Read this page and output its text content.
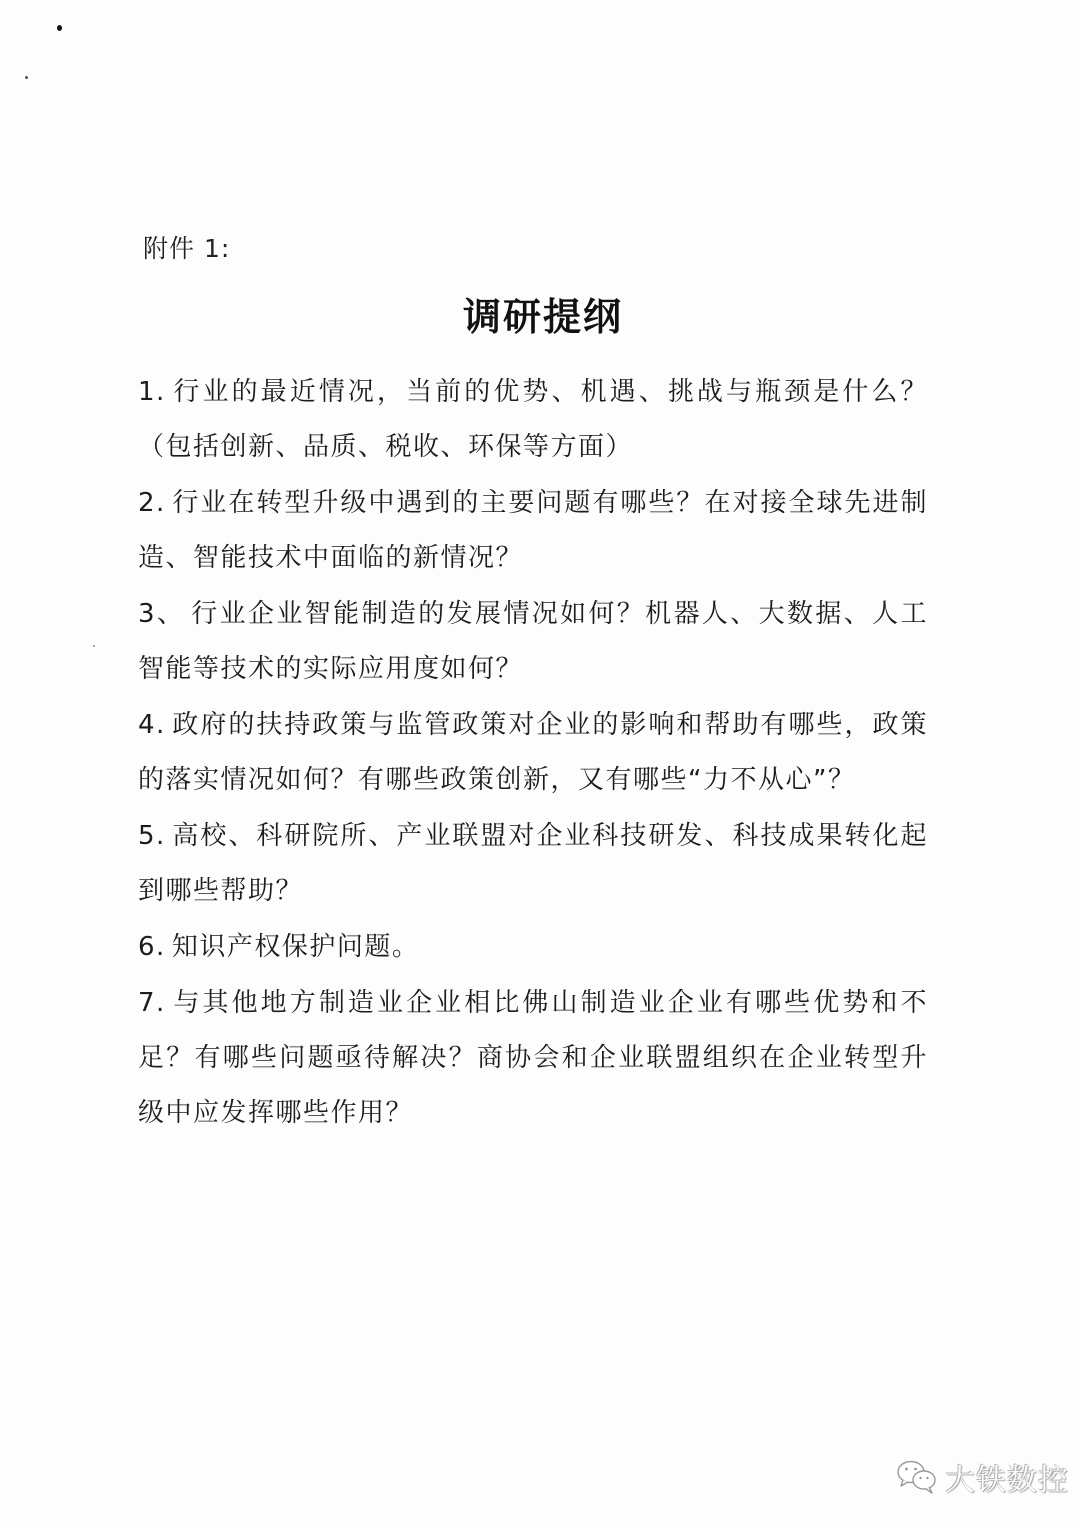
附件 1:
调研提纲
1. 行业的最近情况，当前的优势、机遇、挑战与瓶颈是什么？（包括创新、品质、税收、环保等方面）
2. 行业在转型升级中遇到的主要问题有哪些？在对接全球先进制造、智能技术中面临的新情况？
3、 行业企业智能制造的发展情况如何？机器人、大数据、人工智能等技术的实际应用度如何？
4. 政府的扶持政策与监管政策对企业的影响和帮助有哪些，政策的落实情况如何？有哪些政策创新，又有哪些“力不从心”？
5. 高校、科研院所、产业联盟对企业科技研发、科技成果转化起到哪些帮助？
6. 知识产权保护问题。
7. 与其他地方制造业企业相比佛山制造业企业有哪些优势和不足？有哪些问题亟待解决？商协会和企业联盟组织在企业转型升级中应发挥哪些作用？
大铁数控
